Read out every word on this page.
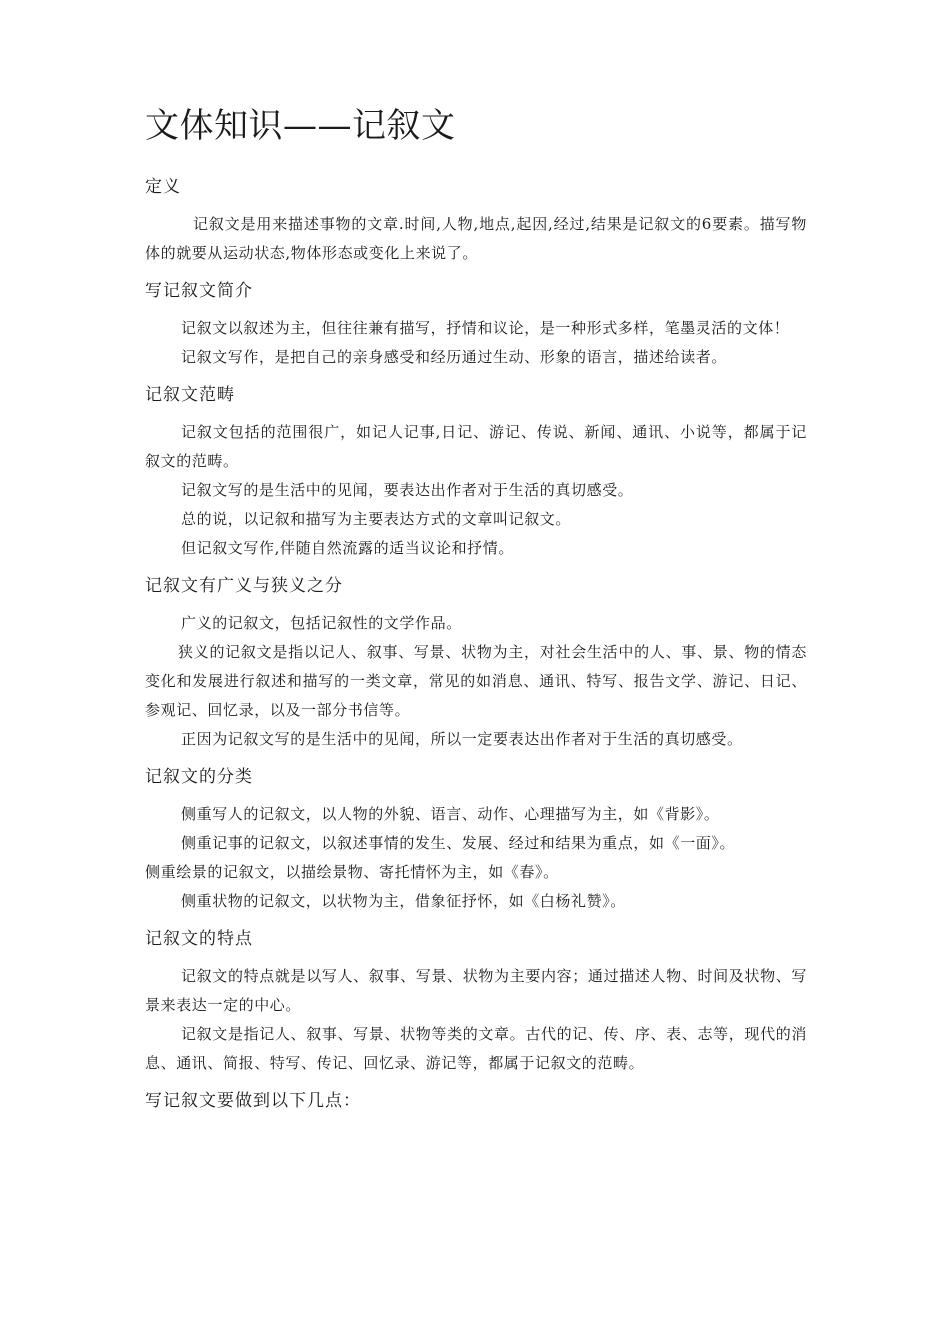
文体知识——记叙文
定义

记叙文是用来描述事物的文章.时间,人物,地点,起因,经过,结果是记叙文的6要素。描写物体的就要从运动状态,物体形态或变化上来说了。

写记叙文简介

记叙文以叙述为主，但往往兼有描写，抒情和议论，是一种形式多样，笔墨灵活的文体！

记叙文写作，是把自己的亲身感受和经历通过生动、形象的语言，描述给读者。

记叙文范畴

记叙文包括的范围很广，如记人记事,日记、游记、传说、新闻、通讯、小说等，都属于记叙文的范畴。

记叙文写的是生活中的见闻，要表达出作者对于生活的真切感受。

总的说，以记叙和描写为主要表达方式的文章叫记叙文。

但记叙文写作,伴随自然流露的适当议论和抒情。

记叙文有广义与狭义之分

广义的记叙文，包括记叙性的文学作品。

狭义的记叙文是指以记人、叙事、写景、状物为主，对社会生活中的人、事、景、物的情态变化和发展进行叙述和描写的一类文章，常见的如消息、通讯、特写、报告文学、游记、日记、参观记、回忆录，以及一部分书信等。

正因为记叙文写的是生活中的见闻，所以一定要表达出作者对于生活的真切感受。

记叙文的分类

侧重写人的记叙文，以人物的外貌、语言、动作、心理描写为主，如《背影》。

侧重记事的记叙文，以叙述事情的发生、发展、经过和结果为重点，如《一面》。

侧重绘景的记叙文，以描绘景物、寄托情怀为主，如《春》。

侧重状物的记叙文，以状物为主，借象征抒怀，如《白杨礼赞》。

记叙文的特点

记叙文的特点就是以写人、叙事、写景、状物为主要内容；通过描述人物、时间及状物、写景来表达一定的中心。

记叙文是指记人、叙事、写景、状物等类的文章。古代的记、传、序、表、志等，现代的消息、通讯、简报、特写、传记、回忆录、游记等，都属于记叙文的范畴。

写记叙文要做到以下几点：
